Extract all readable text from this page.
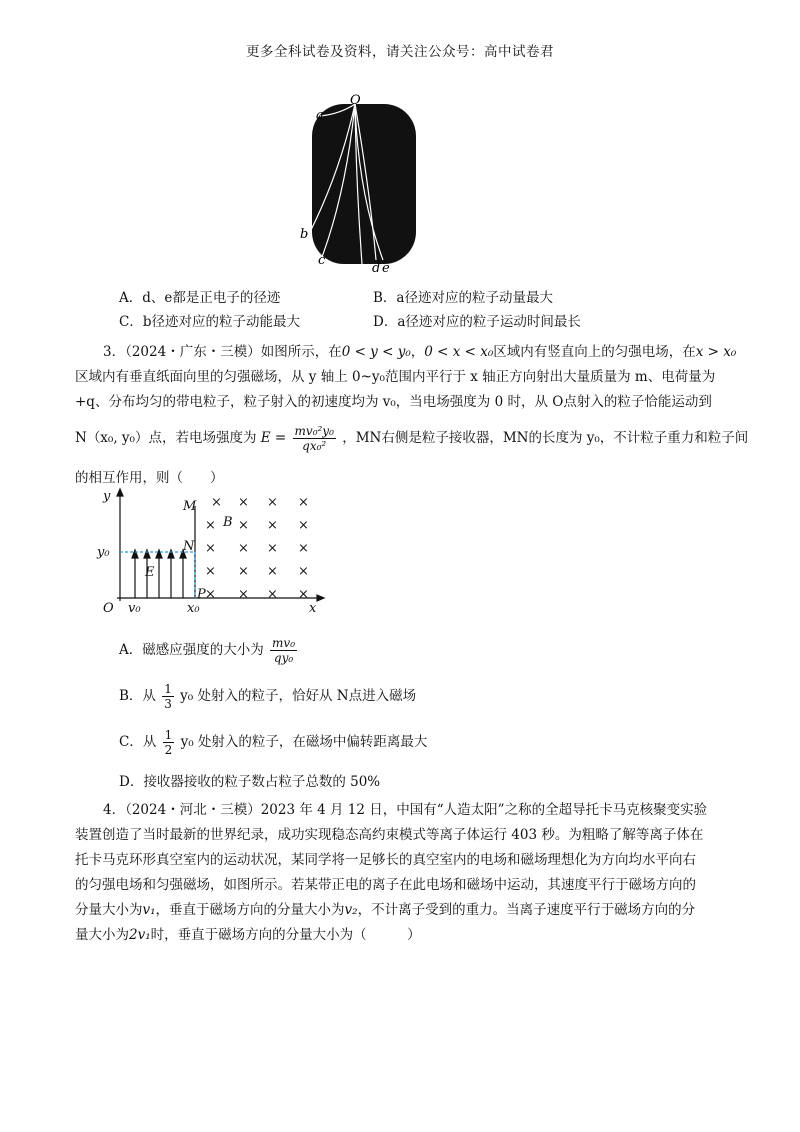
更多全科试卷及资料，请关注公众号：高中试卷君
a
O
b
c
d e
A．d、e都是正电子的径迹	B．a径迹对应的粒子动量最大
C．b径迹对应的粒子动能最大	D．a径迹对应的粒子运动时间最长
3．（2024・广东・三模）如图所示，在0 < y < y₀，0 < x < x₀区域内有竖直向上的匀强电场，在x > x₀
区域内有垂直纸面向里的匀强磁场，从 y 轴上 0~y₀范围内平行于 x 轴正方向射出大量质量为 m、电荷量为
+q、分布均匀的带电粒子，粒子射入的初速度均为 v₀，当电场强度为 0 时，从 O点射入的粒子恰能运动到
N（x₀, y₀）点，若电场强度为 $E = \frac{\text{mv₀²y₀}}{\text{qx₀²}}$ ，MN右侧是粒子接收器，MN的长度为 y₀，不计粒子重力和粒子间
的相互作用，则（　　）
× × × ×
× × × ×
× × × ×
× × × ×
× × × ×
y
x
O
M
N
P
B
E
y₀
v₀	x₀
A．磁感应强度的大小为 $\frac{\text{mv₀}}{\text{qy₀}}$
B．从 $\frac{1}{3} y_0$ 处射入的粒子，恰好从 N点进入磁场
C．从 $\frac{1}{2} y_0$ 处射入的粒子，在磁场中偏转距离最大
D．接收器接收的粒子数占粒子总数的 50%
4．（2024・河北・三模）2023 年 4 月 12 日，中国有“人造太阳”之称的全超导托卡马克核聚变实验
装置创造了当时最新的世界纪录，成功实现稳态高约束模式等离子体运行 403 秒。为粗略了解等离子体在
托卡马克环形真空室内的运动状况，某同学将一足够长的真空室内的电场和磁场理想化为方向均水平向右
的匀强电场和匀强磁场，如图所示。若某带正电的离子在此电场和磁场中运动，其速度平行于磁场方向的
分量大小为v₁，垂直于磁场方向的分量大小为v₂，不计离子受到的重力。当离子速度平行于磁场方向的分
量大小为2v₁时，垂直于磁场方向的分量大小为（　　　）
